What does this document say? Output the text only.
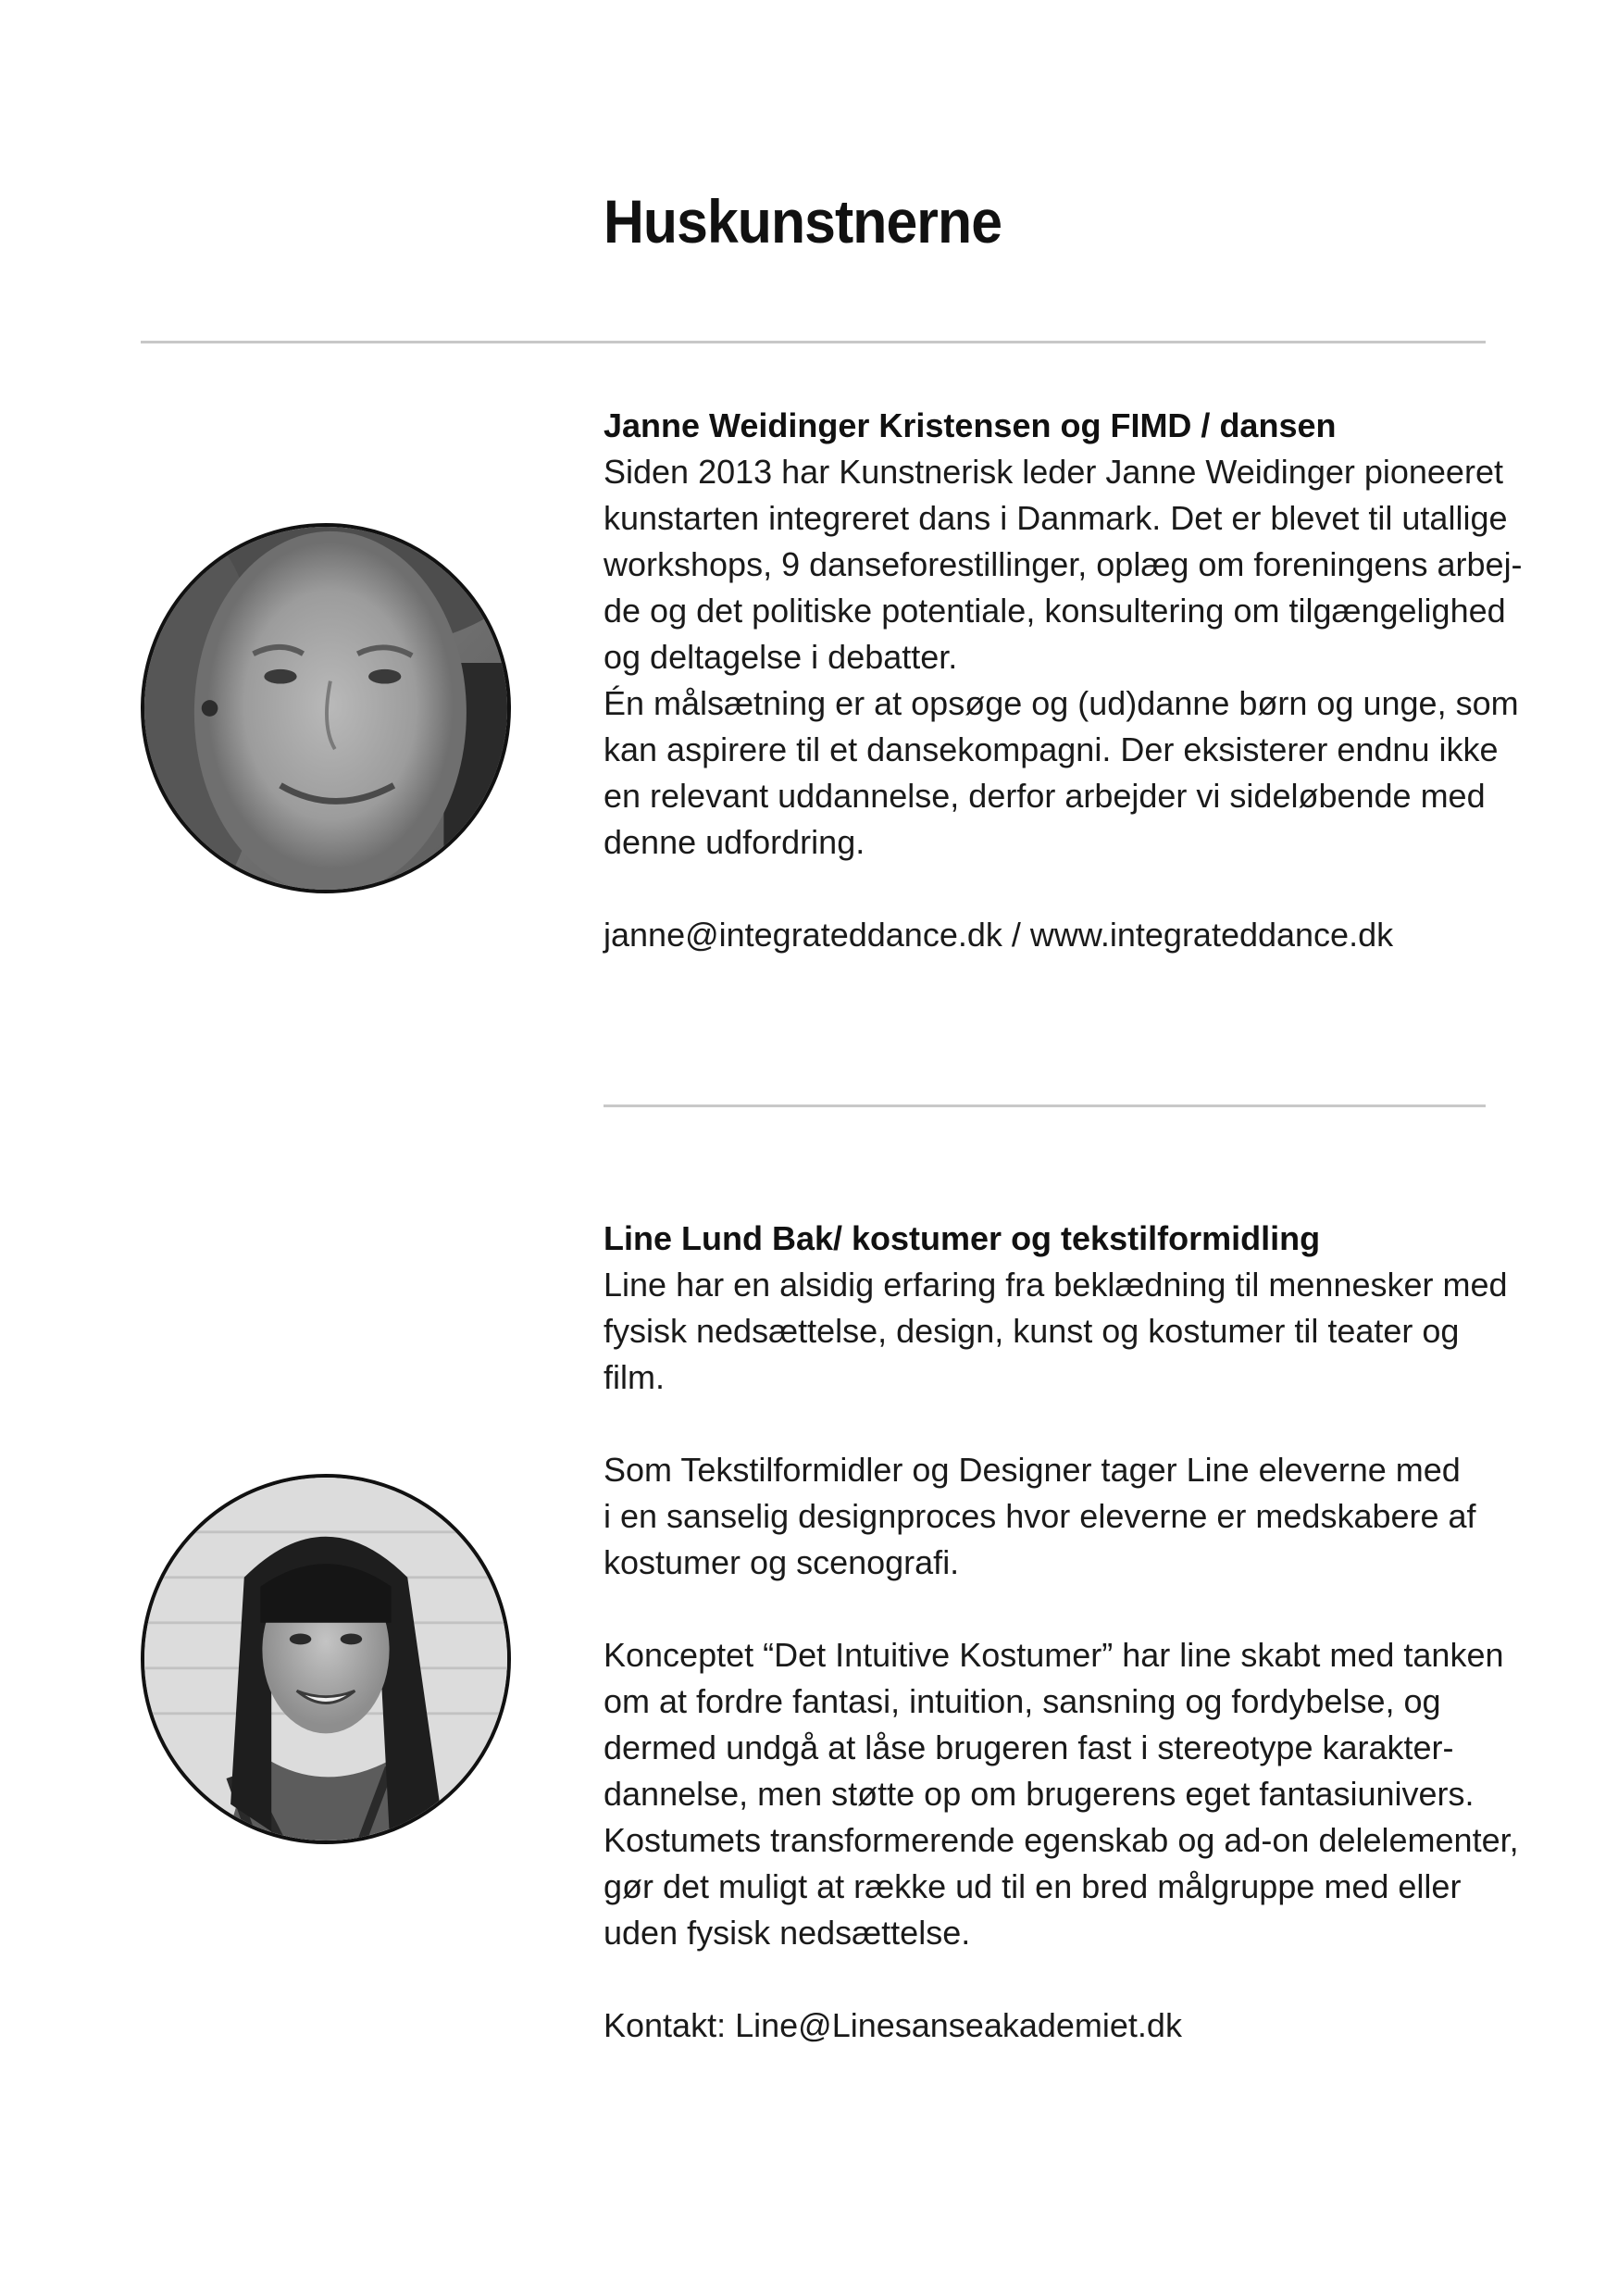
Huskunstnerne
Janne Weidinger Kristensen og FIMD / dansen
Siden 2013 har Kunstnerisk leder Janne Weidinger pioneeret
kunstarten integreret dans i Danmark. Det er blevet til utallige
workshops, 9 danseforestillinger, oplæg om foreningens arbej-
de og det politiske potentiale, konsultering om tilgængelighed
og deltagelse i debatter.
Én målsætning er at opsøge og (ud)danne børn og unge, som
kan aspirere til et dansekompagni. Der eksisterer endnu ikke
en relevant uddannelse, derfor arbejder vi sideløbende med
denne udfordring.
janne@integrateddance.dk / www.integrateddance.dk
Line Lund Bak/ kostumer og tekstilformidling
Line har en alsidig erfaring fra beklædning til mennesker med
fysisk nedsættelse, design, kunst og kostumer til teater og
film.
Som Tekstilformidler og Designer tager Line eleverne med
i en sanselig designproces hvor eleverne er medskabere af
kostumer og scenografi.
Konceptet “Det Intuitive Kostumer” har line skabt med tanken
om at fordre fantasi, intuition, sansning og fordybelse, og
dermed undgå at låse brugeren fast i stereotype karakter-
dannelse, men støtte op om brugerens eget fantasiunivers.
Kostumets transformerende egenskab og ad-on delelementer,
gør det muligt at række ud til en bred målgruppe med eller
uden fysisk nedsættelse.
Kontakt: Line@Linesanseakademiet.dk
